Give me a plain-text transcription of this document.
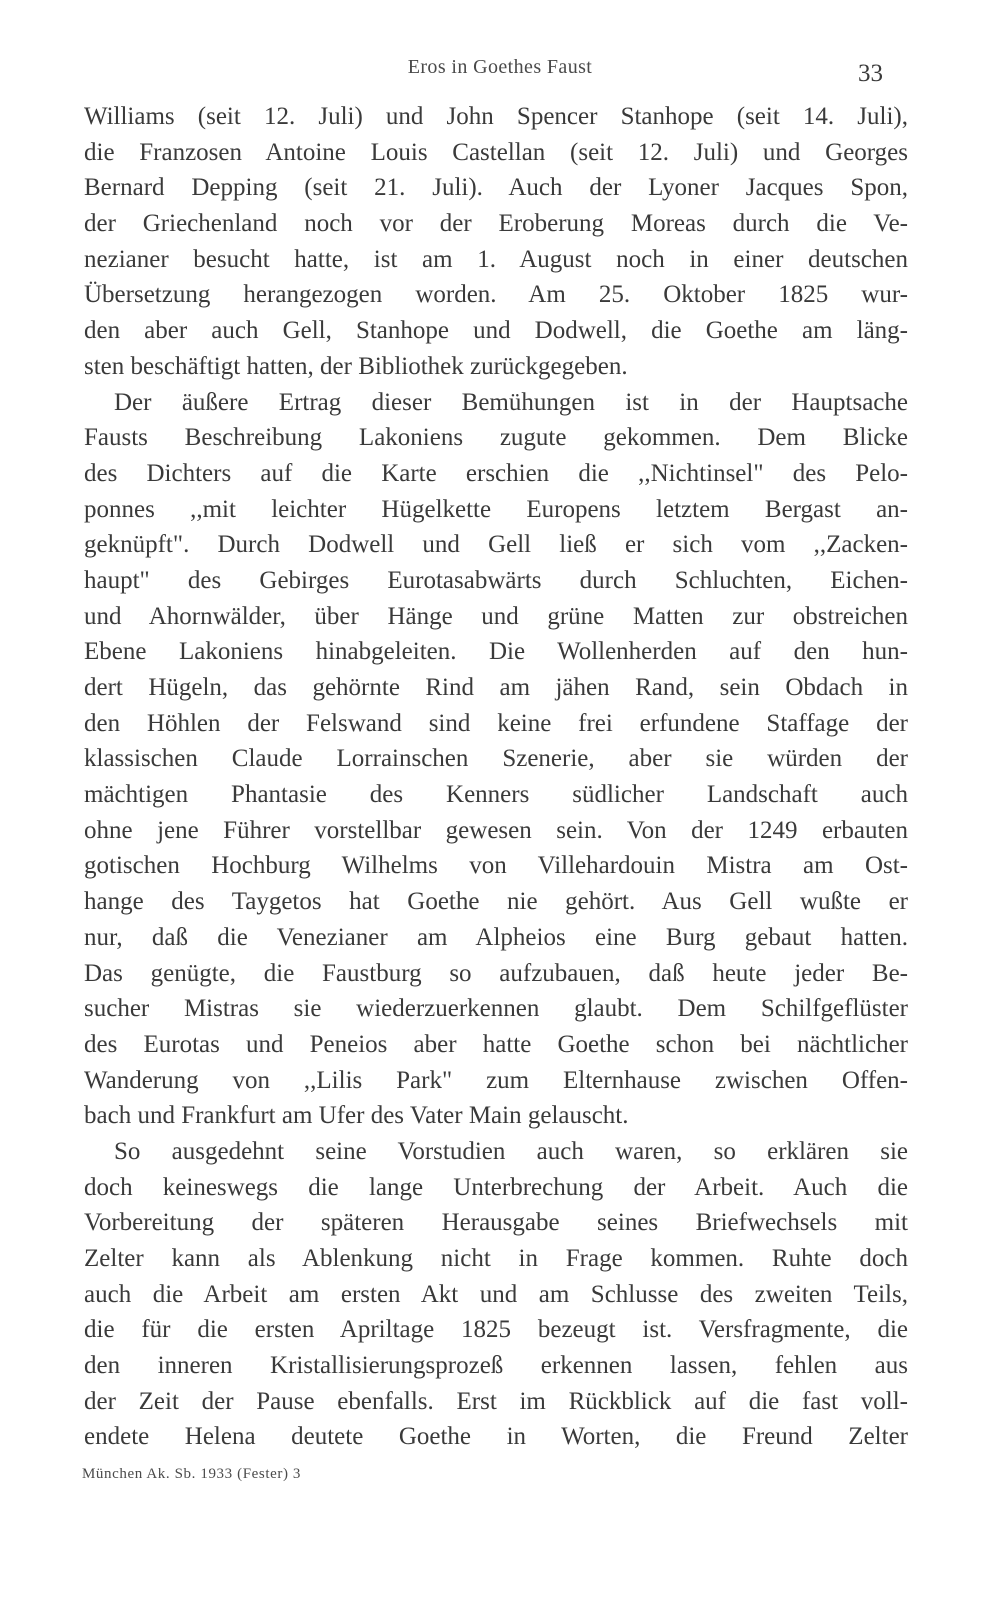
Eros in Goethes Faust	33
Williams (seit 12. Juli) und John Spencer Stanhope (seit 14. Juli),
die Franzosen Antoine Louis Castellan (seit 12. Juli) und Georges
Bernard Depping (seit 21. Juli). Auch der Lyoner Jacques Spon,
der Griechenland noch vor der Eroberung Moreas durch die Ve-
nezianer besucht hatte, ist am 1. August noch in einer deutschen
Übersetzung herangezogen worden. Am 25. Oktober 1825 wur-
den aber auch Gell, Stanhope und Dodwell, die Goethe am läng-
sten beschäftigt hatten, der Bibliothek zurückgegeben.
Der äußere Ertrag dieser Bemühungen ist in der Hauptsache
Fausts Beschreibung Lakoniens zugute gekommen. Dem Blicke
des Dichters auf die Karte erschien die ,,Nichtinsel" des Pelo-
ponnes ,,mit leichter Hügelkette Europens letztem Bergast an-
geknüpft". Durch Dodwell und Gell ließ er sich vom ,,Zacken-
haupt" des Gebirges Eurotasabwärts durch Schluchten, Eichen-
und Ahornwälder, über Hänge und grüne Matten zur obstreichen
Ebene Lakoniens hinabgeleiten. Die Wollenherden auf den hun-
dert Hügeln, das gehörnte Rind am jähen Rand, sein Obdach in
den Höhlen der Felswand sind keine frei erfundene Staffage der
klassischen Claude Lorrainschen Szenerie, aber sie würden der
mächtigen Phantasie des Kenners südlicher Landschaft auch
ohne jene Führer vorstellbar gewesen sein. Von der 1249 erbauten
gotischen Hochburg Wilhelms von Villehardouin Mistra am Ost-
hange des Taygetos hat Goethe nie gehört. Aus Gell wußte er
nur, daß die Venezianer am Alpheios eine Burg gebaut hatten.
Das genügte, die Faustburg so aufzubauen, daß heute jeder Be-
sucher Mistras sie wiederzuerkennen glaubt. Dem Schilfgeflüster
des Eurotas und Peneios aber hatte Goethe schon bei nächtlicher
Wanderung von ,,Lilis Park" zum Elternhause zwischen Offen-
bach und Frankfurt am Ufer des Vater Main gelauscht.
So ausgedehnt seine Vorstudien auch waren, so erklären sie
doch keineswegs die lange Unterbrechung der Arbeit. Auch die
Vorbereitung der späteren Herausgabe seines Briefwechsels mit
Zelter kann als Ablenkung nicht in Frage kommen. Ruhte doch
auch die Arbeit am ersten Akt und am Schlusse des zweiten Teils,
die für die ersten Apriltage 1825 bezeugt ist. Versfragmente, die
den inneren Kristallisierungsprozeß erkennen lassen, fehlen aus
der Zeit der Pause ebenfalls. Erst im Rückblick auf die fast voll-
endete Helena deutete Goethe in Worten, die Freund Zelter
München Ak. Sb. 1933 (Fester) 3
